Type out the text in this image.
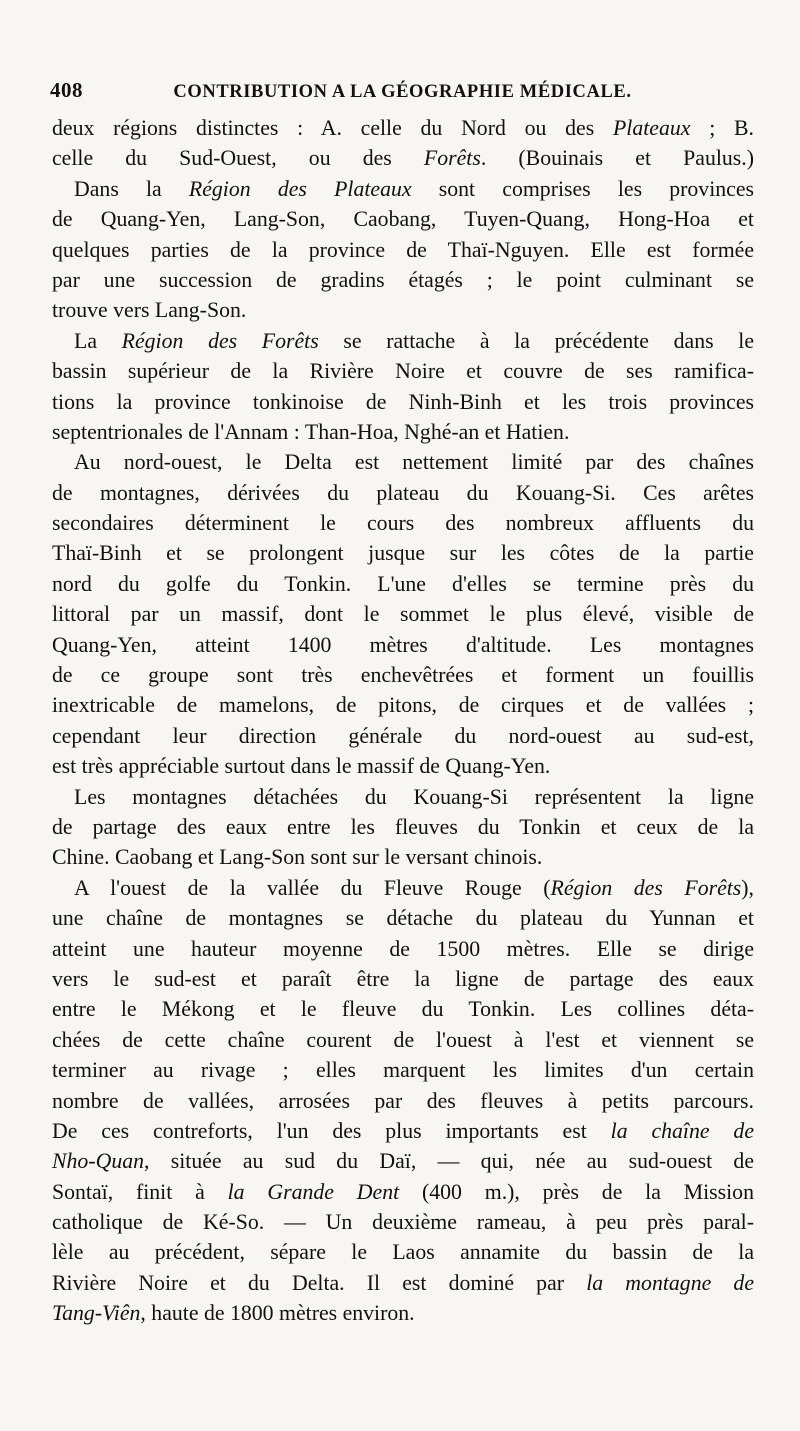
408	CONTRIBUTION A LA GÉOGRAPHIE MÉDICALE.
deux régions distinctes : A. celle du Nord ou des Plateaux ; B.
celle du Sud-Ouest, ou des Forêts. (Bouinais et Paulus.)
Dans la Région des Plateaux sont comprises les provinces
de Quang-Yen, Lang-Son, Caobang, Tuyen-Quang, Hong-Hoa et
quelques parties de la province de Thaï-Nguyen. Elle est formée
par une succession de gradins étagés ; le point culminant se
trouve vers Lang-Son.
La Région des Forêts se rattache à la précédente dans le
bassin supérieur de la Rivière Noire et couvre de ses ramifica-
tions la province tonkinoise de Ninh-Binh et les trois provinces
septentrionales de l'Annam : Than-Hoa, Nghé-an et Hatien.
Au nord-ouest, le Delta est nettement limité par des chaînes
de montagnes, dérivées du plateau du Kouang-Si. Ces arêtes
secondaires déterminent le cours des nombreux affluents du
Thaï-Binh et se prolongent jusque sur les côtes de la partie
nord du golfe du Tonkin. L'une d'elles se termine près du
littoral par un massif, dont le sommet le plus élevé, visible de
Quang-Yen, atteint 1400 mètres d'altitude. Les montagnes
de ce groupe sont très enchevêtrées et forment un fouillis
inextricable de mamelons, de pitons, de cirques et de vallées ;
cependant leur direction générale du nord-ouest au sud-est,
est très appréciable surtout dans le massif de Quang-Yen.
Les montagnes détachées du Kouang-Si représentent la ligne
de partage des eaux entre les fleuves du Tonkin et ceux de la
Chine. Caobang et Lang-Son sont sur le versant chinois.
A l'ouest de la vallée du Fleuve Rouge (Région des Forêts),
une chaîne de montagnes se détache du plateau du Yunnan et
atteint une hauteur moyenne de 1500 mètres. Elle se dirige
vers le sud-est et paraît être la ligne de partage des eaux
entre le Mékong et le fleuve du Tonkin. Les collines déta-
chées de cette chaîne courent de l'ouest à l'est et viennent se
terminer au rivage ; elles marquent les limites d'un certain
nombre de vallées, arrosées par des fleuves à petits parcours.
De ces contreforts, l'un des plus importants est la chaîne de
Nho-Quan, située au sud du Daï, — qui, née au sud-ouest de
Sontaï, finit à la Grande Dent (400 m.), près de la Mission
catholique de Ké-So. — Un deuxième rameau, à peu près paral-
lèle au précédent, sépare le Laos annamite du bassin de la
Rivière Noire et du Delta. Il est dominé par la montagne de
Tang-Viên, haute de 1800 mètres environ.
